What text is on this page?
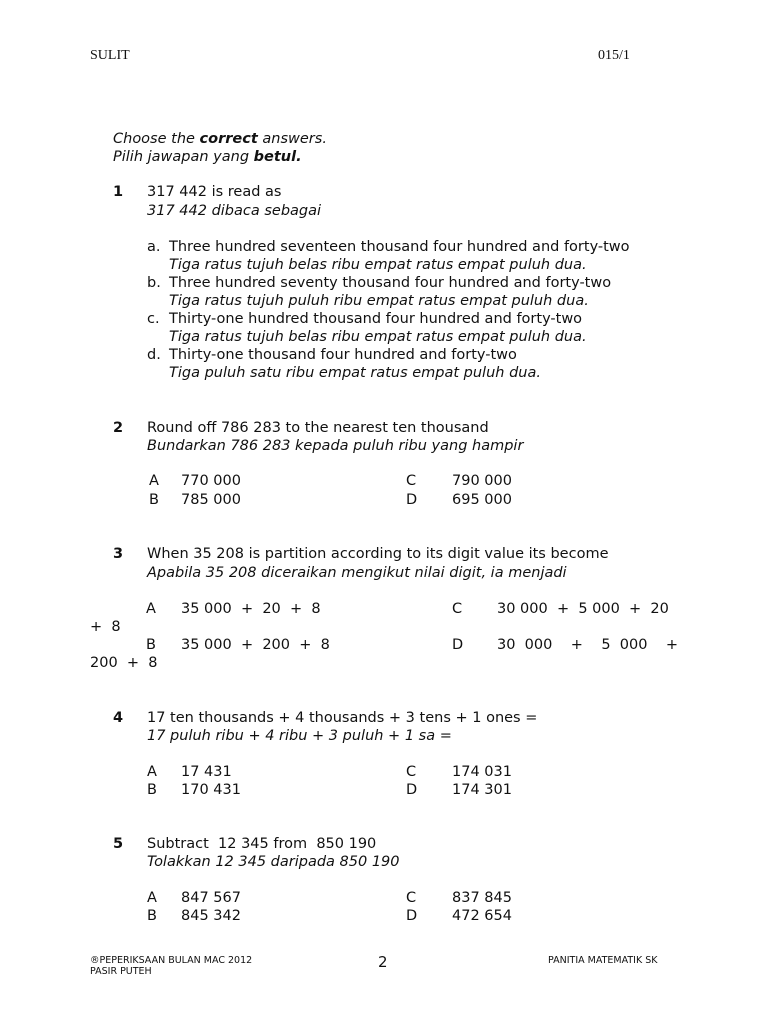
SULIT	015/1
Choose the correct answers.
Pilih jawapan yang betul.
1 317 442 is read as
317 442 dibaca sebagai
a. Three hundred seventeen thousand four hundred and forty-two
Tiga ratus tujuh belas ribu empat ratus empat puluh dua.
b. Three hundred seventy thousand four hundred and forty-two
Tiga ratus tujuh puluh ribu empat ratus empat puluh dua.
c. Thirty-one hundred thousand four hundred and forty-two
Tiga ratus tujuh belas ribu empat ratus empat puluh dua.
d. Thirty-one thousand four hundred and forty-two
Tiga puluh satu ribu empat ratus empat puluh dua.
2 Round off 786 283 to the nearest ten thousand
Bundarkan 786 283 kepada puluh ribu yang hampir
A 770 000
B 785 000
C 790 000
D 695 000
3 When 35 208 is partition according to its digit value its become
Apabila 35 208 diceraikan mengikut nilai digit, ia menjadi
A 35 000  +  20  +  8	C 30 000  +  5 000  +  20
+  8
B 35 000  +  200  +  8	D 30  000    +    5  000    +
200  +  8
4 17 ten thousands + 4 thousands + 3 tens + 1 ones =
17 puluh ribu + 4 ribu + 3 puluh + 1 sa =
A 17 431
B 170 431
C 174 031
D 174 301
5 Subtract  12 345 from  850 190
Tolakkan 12 345 daripada 850 190
A 847 567
B 845 342
C 837 845
D 472 654
®PEPERIKSAAN BULAN MAC 2012
PASIR PUTEH
2	PANITIA MATEMATIK SK
